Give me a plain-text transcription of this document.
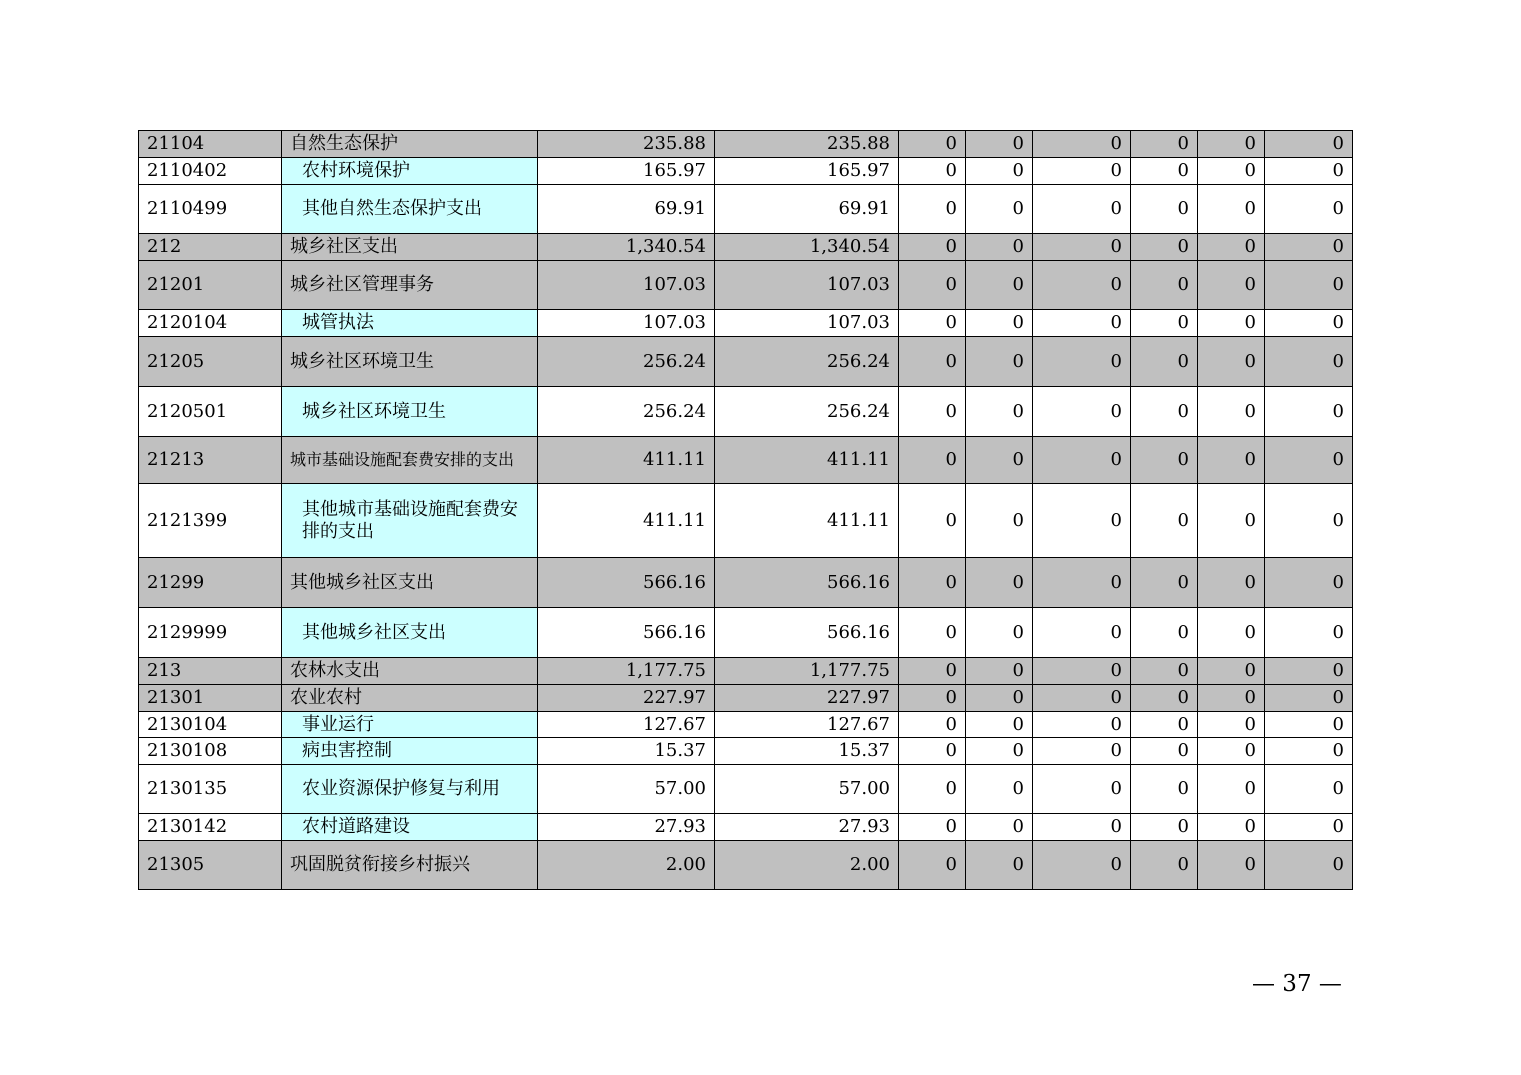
21104	自然生态保护	235.88	235.88	0	0	0	0	0	0
2110402	农村环境保护	165.97	165.97	0	0	0	0	0	0
2110499	其他自然生态保护支出	69.91	69.91	0	0	0	0	0	0
212	城乡社区支出	1,340.54	1,340.54	0	0	0	0	0	0
21201	城乡社区管理事务	107.03	107.03	0	0	0	0	0	0
2120104	城管执法	107.03	107.03	0	0	0	0	0	0
21205	城乡社区环境卫生	256.24	256.24	0	0	0	0	0	0
2120501	城乡社区环境卫生	256.24	256.24	0	0	0	0	0	0
21213	城市基础设施配套费安排的支出	411.11	411.11	0	0	0	0	0	0
2121399	其他城市基础设施配套费安排的支出	411.11	411.11	0	0	0	0	0	0
21299	其他城乡社区支出	566.16	566.16	0	0	0	0	0	0
2129999	其他城乡社区支出	566.16	566.16	0	0	0	0	0	0
213	农林水支出	1,177.75	1,177.75	0	0	0	0	0	0
21301	农业农村	227.97	227.97	0	0	0	0	0	0
2130104	事业运行	127.67	127.67	0	0	0	0	0	0
2130108	病虫害控制	15.37	15.37	0	0	0	0	0	0
2130135	农业资源保护修复与利用	57.00	57.00	0	0	0	0	0	0
2130142	农村道路建设	27.93	27.93	0	0	0	0	0	0
21305	巩固脱贫衔接乡村振兴	2.00	2.00	0	0	0	0	0	0
— 37 —
